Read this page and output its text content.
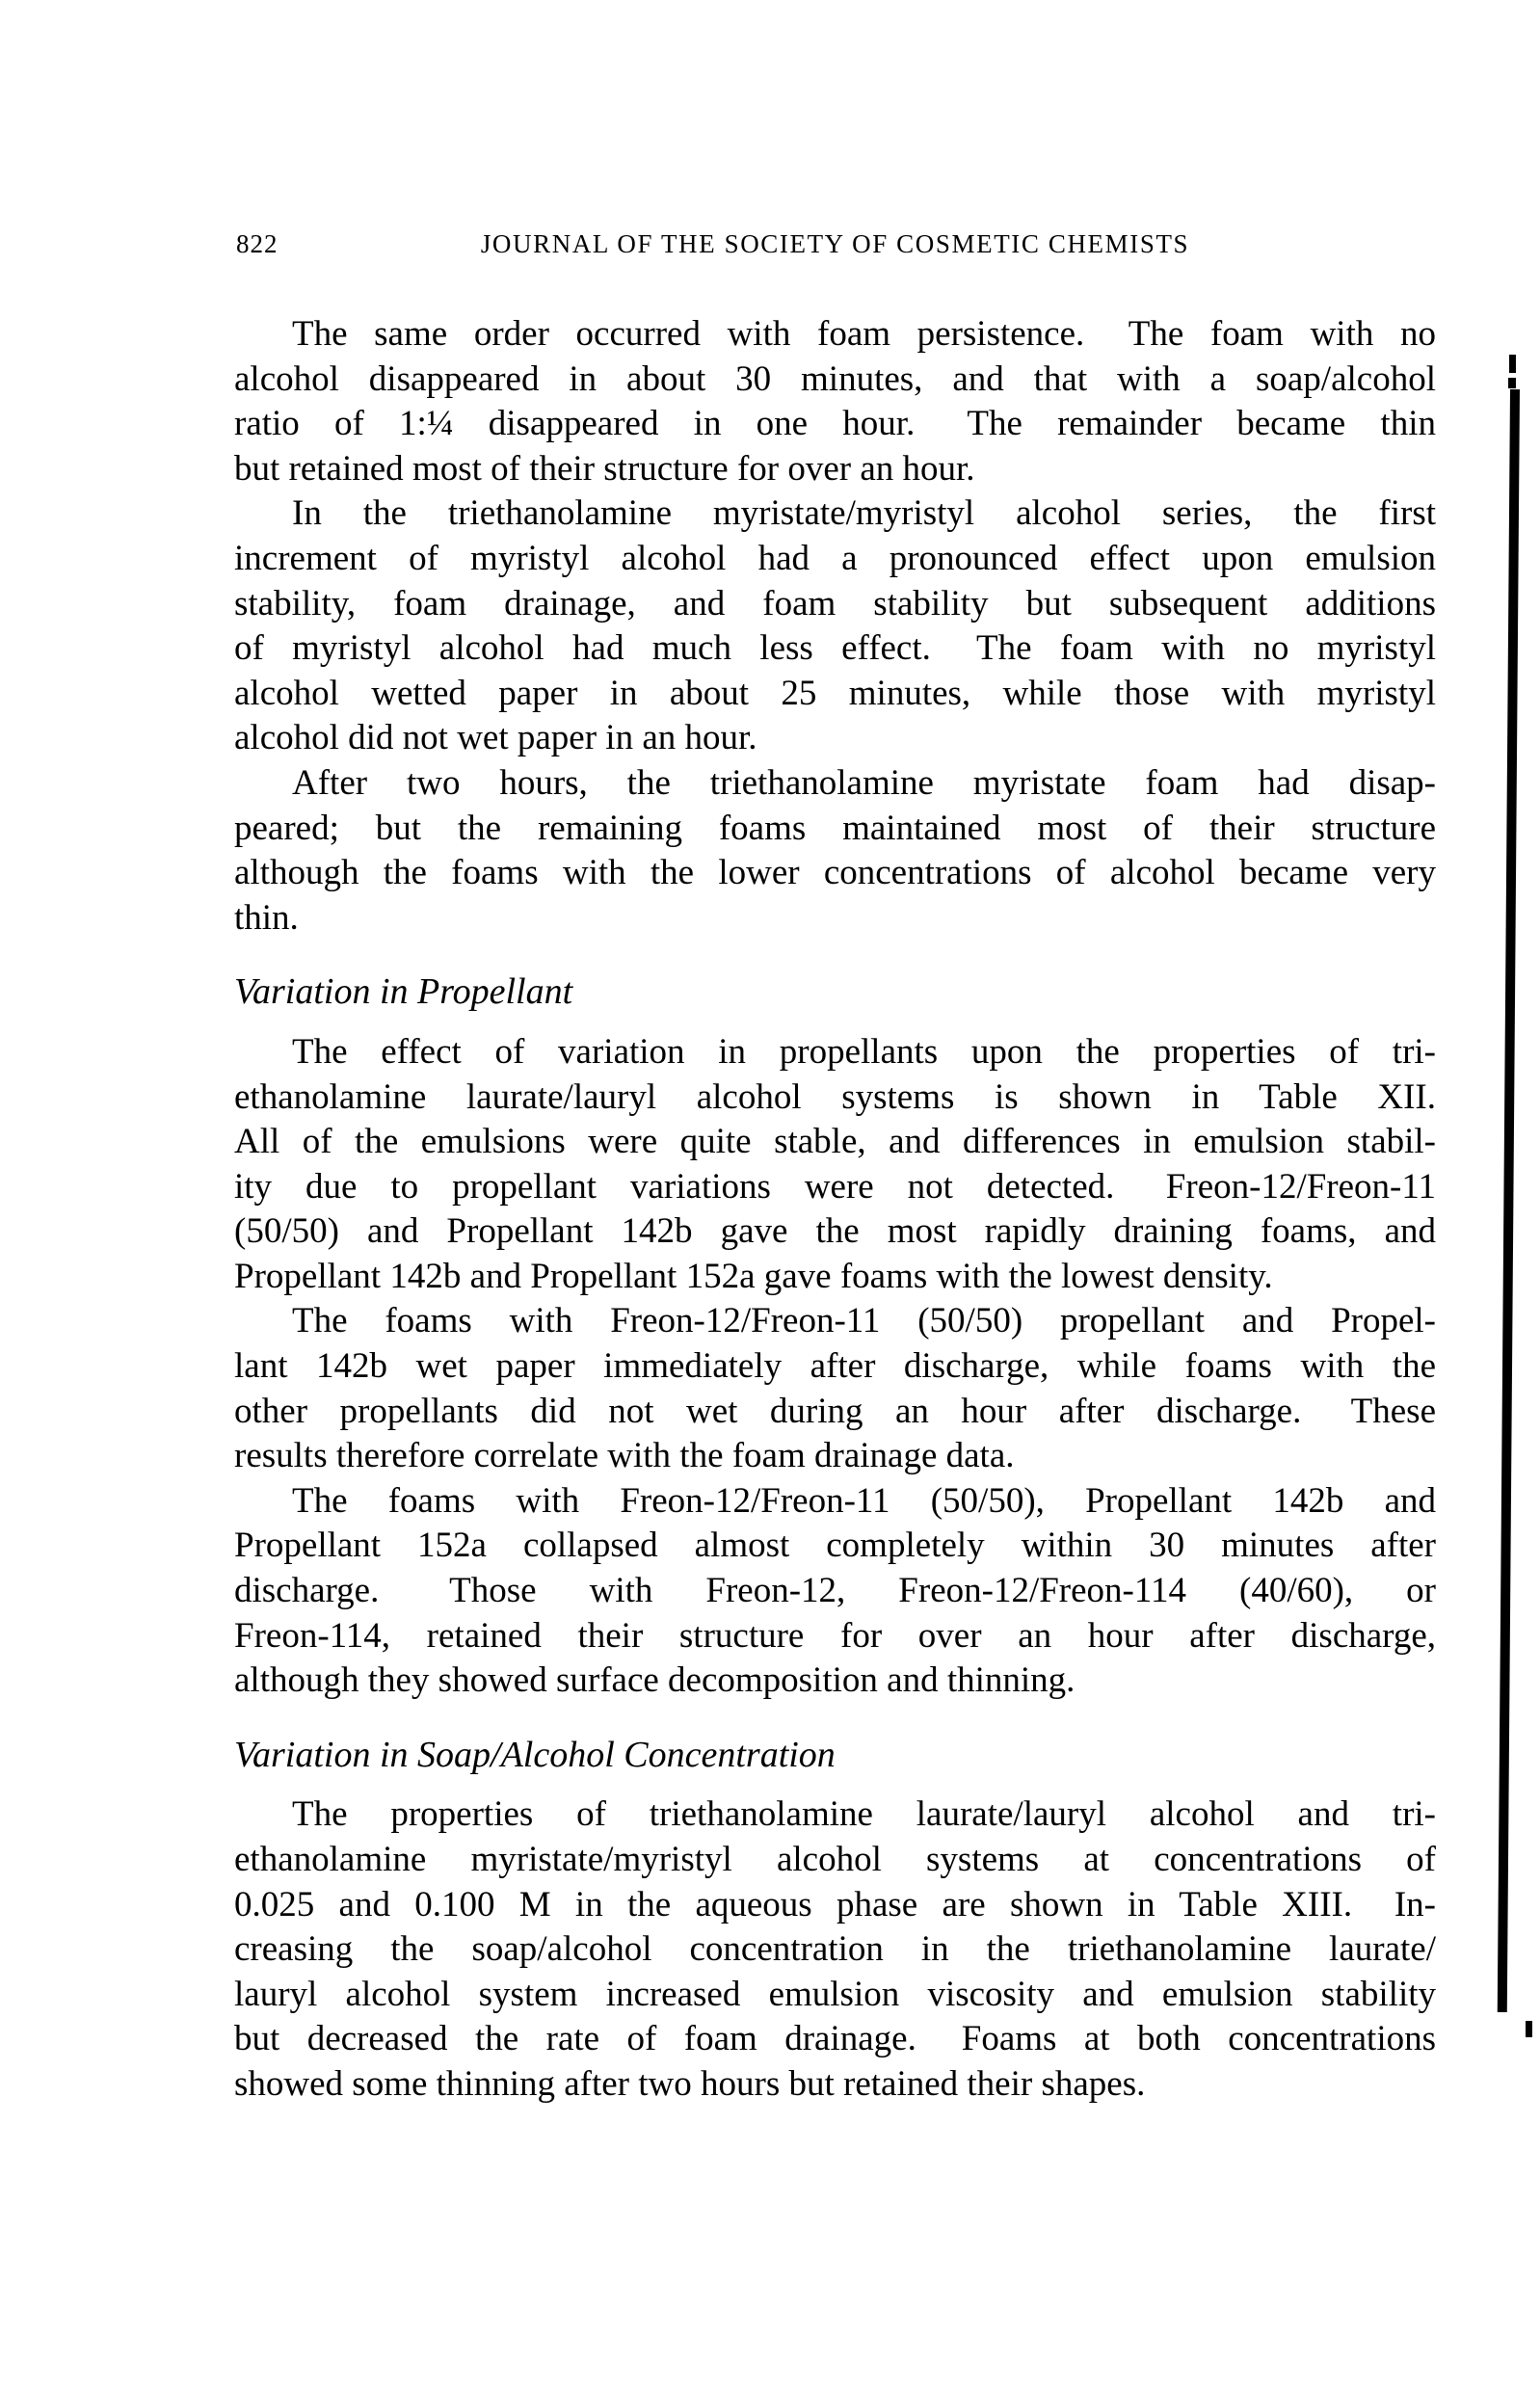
822	JOURNAL OF THE SOCIETY OF COSMETIC CHEMISTS
The same order occurred with foam persistence.  The foam with no
alcohol disappeared in about 30 minutes, and that with a soap/alcohol
ratio of 1:¼ disappeared in one hour.  The remainder became thin
but retained most of their structure for over an hour.
In the triethanolamine myristate/myristyl alcohol series, the first
increment of myristyl alcohol had a pronounced effect upon emulsion
stability, foam drainage, and foam stability but subsequent additions
of myristyl alcohol had much less effect.  The foam with no myristyl
alcohol wetted paper in about 25 minutes, while those with myristyl
alcohol did not wet paper in an hour.
After two hours, the triethanolamine myristate foam had disap-
peared; but the remaining foams maintained most of their structure
although the foams with the lower concentrations of alcohol became very
thin.
Variation in Propellant
The effect of variation in propellants upon the properties of tri-
ethanolamine laurate/lauryl alcohol systems is shown in Table XII.
All of the emulsions were quite stable, and differences in emulsion stabil-
ity due to propellant variations were not detected.  Freon-12/Freon-11
(50/50) and Propellant 142b gave the most rapidly draining foams, and
Propellant 142b and Propellant 152a gave foams with the lowest density.
The foams with Freon-12/Freon-11 (50/50) propellant and Propel-
lant 142b wet paper immediately after discharge, while foams with the
other propellants did not wet during an hour after discharge.  These
results therefore correlate with the foam drainage data.
The foams with Freon-12/Freon-11 (50/50), Propellant 142b and
Propellant 152a collapsed almost completely within 30 minutes after
discharge.  Those with Freon-12, Freon-12/Freon-114 (40/60), or
Freon-114, retained their structure for over an hour after discharge,
although they showed surface decomposition and thinning.
Variation in Soap/Alcohol Concentration
The properties of triethanolamine laurate/lauryl alcohol and tri-
ethanolamine myristate/myristyl alcohol systems at concentrations of
0.025 and 0.100 M in the aqueous phase are shown in Table XIII.  In-
creasing the soap/alcohol concentration in the triethanolamine laurate/
lauryl alcohol system increased emulsion viscosity and emulsion stability
but decreased the rate of foam drainage.  Foams at both concentrations
showed some thinning after two hours but retained their shapes.
